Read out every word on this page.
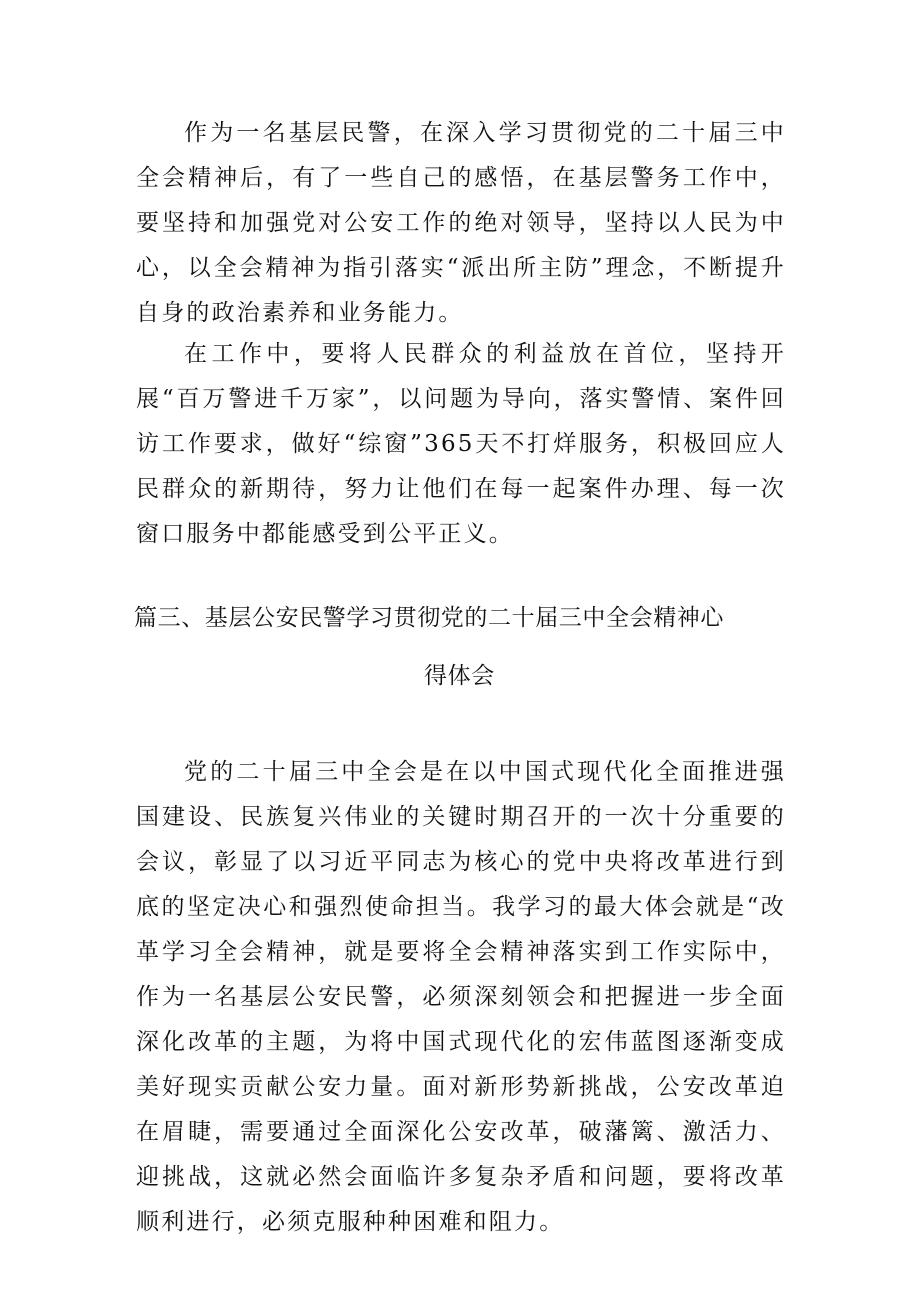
作为一名基层民警，在深入学习贯彻党的二十届三中全会精神后，有了一些自己的感悟，在基层警务工作中，要坚持和加强党对公安工作的绝对领导，坚持以人民为中心，以全会精神为指引落实“派出所主防”理念，不断提升自身的政治素养和业务能力。

在工作中，要将人民群众的利益放在首位，坚持开展“百万警进千万家”，以问题为导向，落实警情、案件回访工作要求，做好“综窗”365天不打烊服务，积极回应人民群众的新期待，努力让他们在每一起案件办理、每一次窗口服务中都能感受到公平正义。

篇三、基层公安民警学习贯彻党的二十届三中全会精神心
得体会

党的二十届三中全会是在以中国式现代化全面推进强国建设、民族复兴伟业的关键时期召开的一次十分重要的会议，彰显了以习近平同志为核心的党中央将改革进行到底的坚定决心和强烈使命担当。我学习的最大体会就是“改革学习全会精神，就是要将全会精神落实到工作实际中，作为一名基层公安民警，必须深刻领会和把握进一步全面深化改革的主题，为将中国式现代化的宏伟蓝图逐渐变成美好现实贡献公安力量。面对新形势新挑战，公安改革迫在眉睫，需要通过全面深化公安改革，破藩篱、激活力、迎挑战，这就必然会面临许多复杂矛盾和问题，要将改革顺利进行，必须克服种种困难和阻力。
